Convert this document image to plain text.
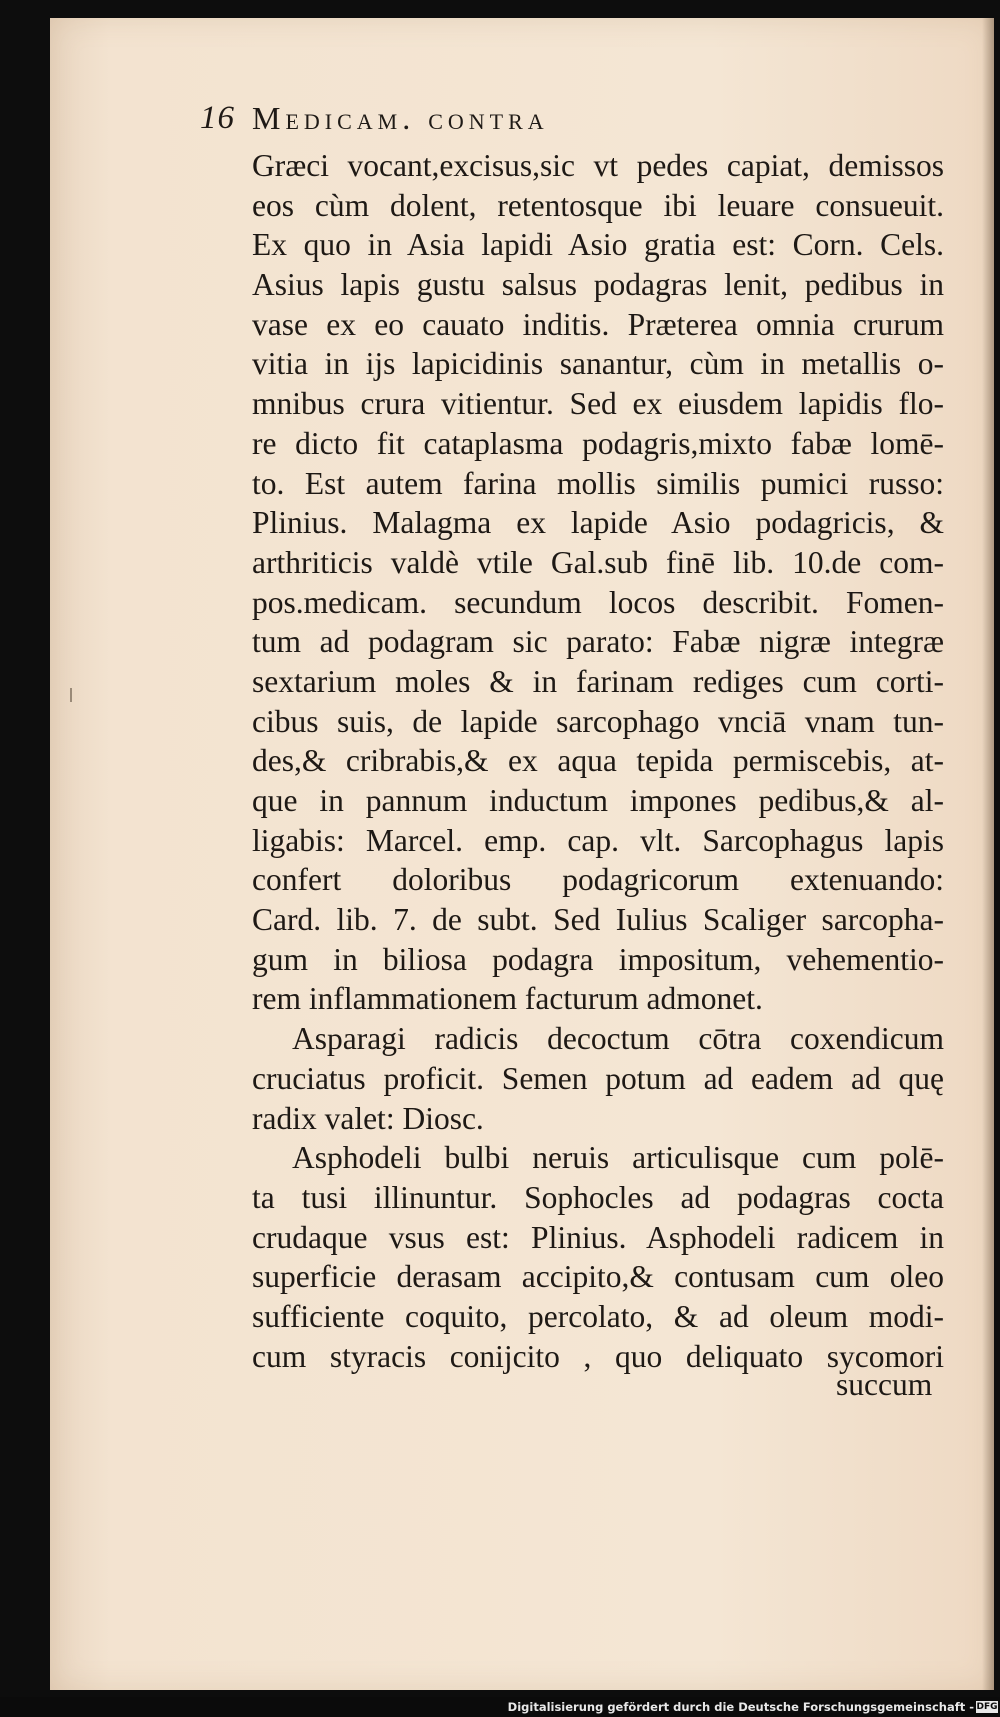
16 Medicam. contra
Græci vocant,excisus,sic vt pedes capiat, demissos
eos cùm dolent, retentosque ibi leuare consueuit.
Ex quo in Asia lapidi Asio gratia est: Corn. Cels.
Asius lapis gustu salsus podagras lenit, pedibus in
vase ex eo cauato inditis. Præterea omnia crurum
vitia in ijs lapicidinis sanantur, cùm in metallis o-
mnibus crura vitientur. Sed ex eiusdem lapidis flo-
re dicto fit cataplasma podagris,mixto fabæ lomē-
to. Est autem farina mollis similis pumici russo:
Plinius. Malagma ex lapide Asio podagricis, &
arthriticis valdè vtile Gal.sub finē lib. 10.de com-
pos.medicam. secundum locos describit. Fomen-
tum ad podagram sic parato: Fabæ nigræ integræ
sextarium moles & in farinam rediges cum corti-
cibus suis, de lapide sarcophago vnciā vnam tun-
des,& cribrabis,& ex aqua tepida permiscebis, at-
que in pannum inductum impones pedibus,& al-
ligabis: Marcel. emp. cap. vlt. Sarcophagus lapis
confert doloribus podagricorum extenuando:
Card. lib. 7. de subt. Sed Iulius Scaliger sarcopha-
gum in biliosa podagra impositum, vehementio-
rem inflammationem facturum admonet.
Asparagi radicis decoctum cōtra coxendicum
cruciatus proficit. Semen potum ad eadem ad quę
radix valet: Diosc.
Asphodeli bulbi neruis articulisque cum polē-
ta tusi illinuntur. Sophocles ad podagras cocta
crudaque vsus est: Plinius. Asphodeli radicem in
superficie derasam accipito,& contusam cum oleo
sufficiente coquito, percolato, & ad oleum modi-
cum styracis conijcito , quo deliquato sycomori
succum
Digitalisierung gefördert durch die Deutsche Forschungsgemeinschaft - DFG
